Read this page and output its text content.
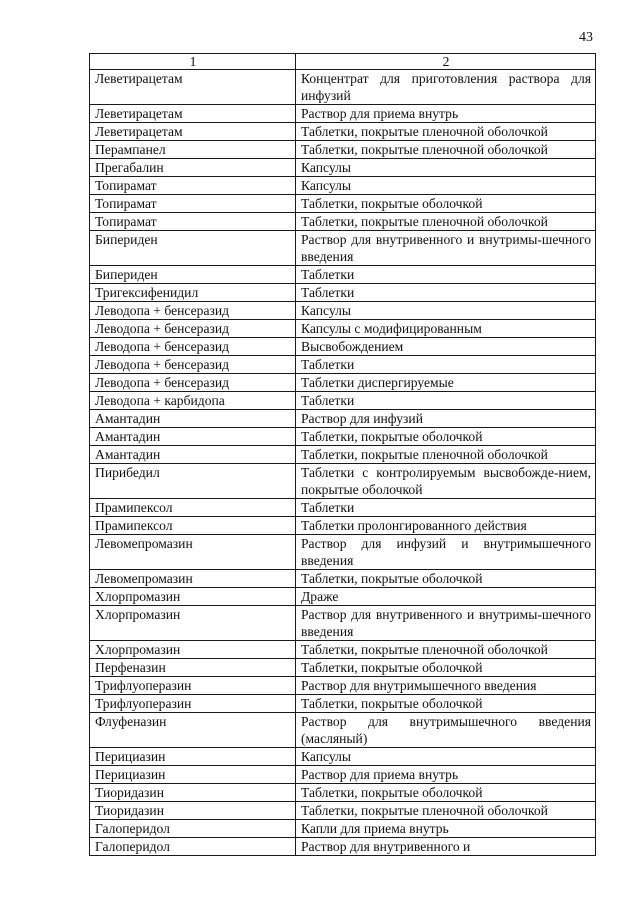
43
1	2
Леветирацетам	Концентрат для приготовления раствора для инфузий
Леветирацетам	Раствор для приема внутрь
Леветирацетам	Таблетки, покрытые пленочной оболочкой
Перампанел	Таблетки, покрытые пленочной оболочкой
Прегабалин	Капсулы
Топирамат	Капсулы
Топирамат	Таблетки, покрытые оболочкой
Топирамат	Таблетки, покрытые пленочной оболочкой
Бипериден	Раствор для внутривенного и внутримы-шечного введения
Бипериден	Таблетки
Тригексифенидил	Таблетки
Леводопа + бенсеразид	Капсулы
Леводопа + бенсеразид	Капсулы с модифицированным
Леводопа + бенсеразид	Высвобождением
Леводопа + бенсеразид	Таблетки
Леводопа + бенсеразид	Таблетки диспергируемые
Леводопа + карбидопа	Таблетки
Амантадин	Раствор для инфузий
Амантадин	Таблетки, покрытые оболочкой
Амантадин	Таблетки, покрытые пленочной оболочкой
Пирибедил	Таблетки с контролируемым высвобожде-нием, покрытые оболочкой
Прамипексол	Таблетки
Прамипексол	Таблетки пролонгированного действия
Левомепромазин	Раствор для инфузий и внутримышечного введения
Левомепромазин	Таблетки, покрытые оболочкой
Хлорпромазин	Драже
Хлорпромазин	Раствор для внутривенного и внутримы-шечного введения
Хлорпромазин	Таблетки, покрытые пленочной оболочкой
Перфеназин	Таблетки, покрытые оболочкой
Трифлуоперазин	Раствор для внутримышечного введения
Трифлуоперазин	Таблетки, покрытые оболочкой
Флуфеназин	Раствор для внутримышечного введения (масляный)
Перициазин	Капсулы
Перициазин	Раствор для приема внутрь
Тиоридазин	Таблетки, покрытые оболочкой
Тиоридазин	Таблетки, покрытые пленочной оболочкой
Галоперидол	Капли для приема внутрь
Галоперидол	Раствор для внутривенного и
